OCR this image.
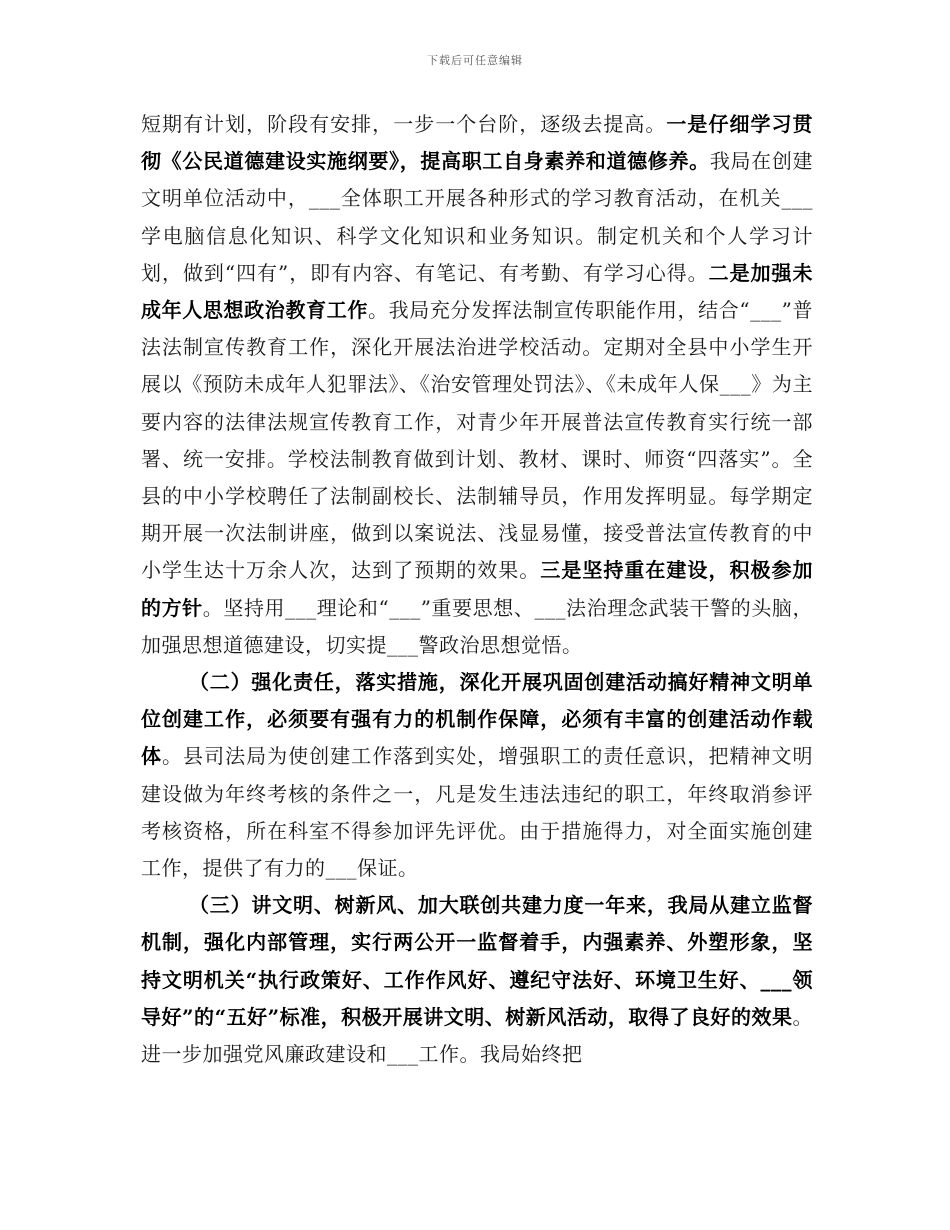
下载后可任意编辑

短期有计划，阶段有安排，一步一个台阶，逐级去提高。一是仔细学习贯彻《公民道德建设实施纲要》，提高职工自身素养和道德修养。我局在创建文明单位活动中，___全体职工开展各种形式的学习教育活动，在机关___学电脑信息化知识、科学文化知识和业务知识。制定机关和个人学习计划，做到“四有”，即有内容、有笔记、有考勤、有学习心得。二是加强未成年人思想政治教育工作。我局充分发挥法制宣传职能作用，结合“___”普法法制宣传教育工作，深化开展法治进学校活动。定期对全县中小学生开展以《预防未成年人犯罪法》、《治安管理处罚法》、《未成年人保___》为主要内容的法律法规宣传教育工作，对青少年开展普法宣传教育实行统一部署、统一安排。学校法制教育做到计划、教材、课时、师资“四落实”。全县的中小学校聘任了法制副校长、法制辅导员，作用发挥明显。每学期定期开展一次法制讲座，做到以案说法、浅显易懂，接受普法宣传教育的中小学生达十万余人次，达到了预期的效果。三是坚持重在建设，积极参加的方针。坚持用___理论和“___”重要思想、___法治理念武装干警的头脑，加强思想道德建设，切实提___警政治思想觉悟。

（二）强化责任，落实措施，深化开展巩固创建活动搞好精神文明单位创建工作，必须要有强有力的机制作保障，必须有丰富的创建活动作载体。县司法局为使创建工作落到实处，增强职工的责任意识，把精神文明建设做为年终考核的条件之一，凡是发生违法违纪的职工，年终取消参评考核资格，所在科室不得参加评先评优。由于措施得力，对全面实施创建工作，提供了有力的___保证。

（三）讲文明、树新风、加大联创共建力度一年来，我局从建立监督机制，强化内部管理，实行两公开一监督着手，内强素养、外塑形象，坚持文明机关“执行政策好、工作作风好、遵纪守法好、环境卫生好、___领导好”的“五好”标准，积极开展讲文明、树新风活动，取得了良好的效果。进一步加强党风廉政建设和___工作。我局始终把
